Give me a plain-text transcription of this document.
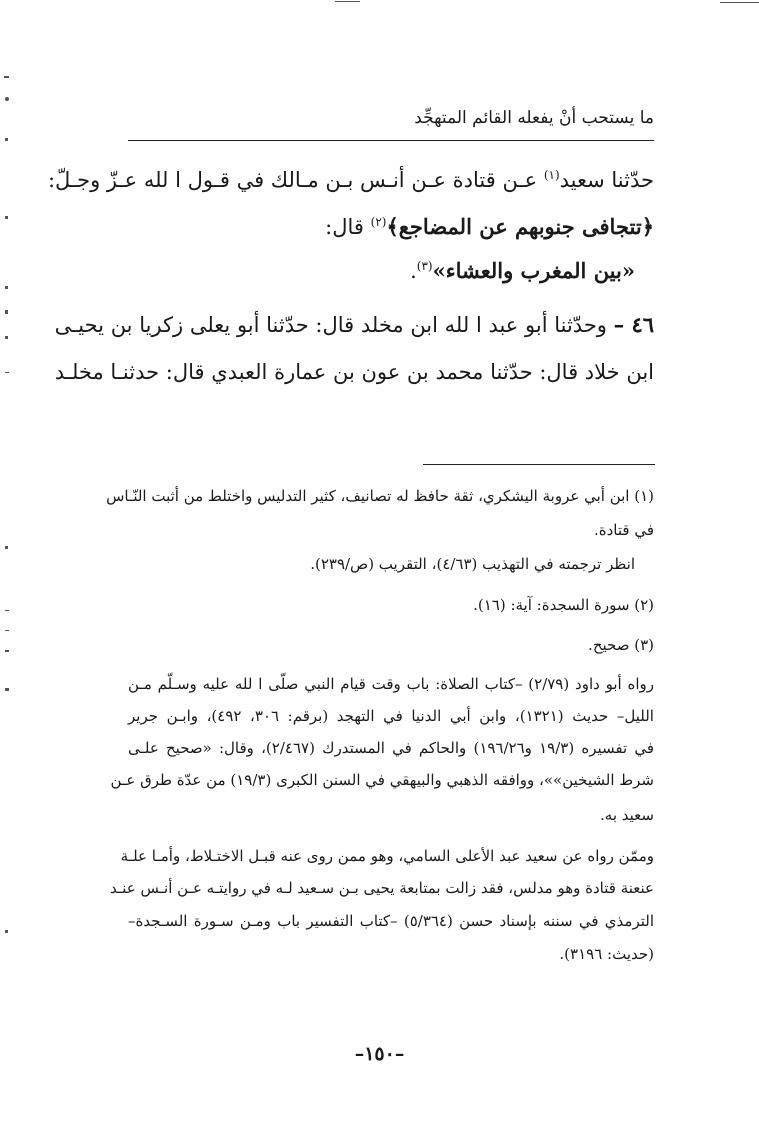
ما يستحب أنْ يفعله القائم المتهجِّد
حدّثنا سعيد$^{(١)}$ عـن قتادة عـن أنـس بـن مـالك في قـول ا لله عـزّ وجـلّ:
﴿تتجافى جنوبهم عن المضاجع﴾$^{(٢)}$ قال:
«بين المغرب والعشاء»$^{(٣)}$.
٤٦ – وحدّثنا أبو عبد ا لله ابن مخلد قال: حدّثنا أبو يعلى زكريا بن يحيـى
ابن خلاد قال: حدّثنا محمد بن عون بن عمارة العبدي قال: حدثنـا مخلـد
(١) ابن أبي عروبة اليشكري، ثقة حافظ له تصانيف، كثير التدليس واختلط من أثبت النّـاس
في قتادة.
انظر ترجمته في التهذيب (٤/٦٣)، التقريب (ص/٢٣٩).
(٢) سورة السجدة: آية: (١٦).
(٣) صحيح.
رواه أبو داود (٢/٧٩) –كتاب الصلاة: باب وقت قيام النبي صلّى ا لله عليه وسـلّم مـن
الليل– حديث (١٣٢١)، وابن أبي الدنيا في التهجد (برقم: ٣٠٦، ٤٩٢)، وابـن جرير
في تفسيره (١٩/٣ و١٩٦/٢٦) والحاكم في المستدرك (٢/٤٦٧)، وقال: «صحيح علـى
شرط الشيخين»»، ووافقه الذهبي والبيهقي في السنن الكبرى (١٩/٣) من عدّة طرق عـن
سعيد به.
وممّن رواه عن سعيد عبد الأعلى السامي، وهو ممن روى عنه قبـل الاختـلاط، وأمـا علـة
عنعنة قتادة وهو مدلس، فقد زالت بمتابعة يحيى بـن سـعيد لـه في روايتـه عـن أنـس عنـد
الترمذي في سننه بإسناد حسن (٥/٣٦٤) –كتاب التفسير باب ومـن سـورة السـجدة–
(حديث: ٣١٩٦).
–١٥٠–
